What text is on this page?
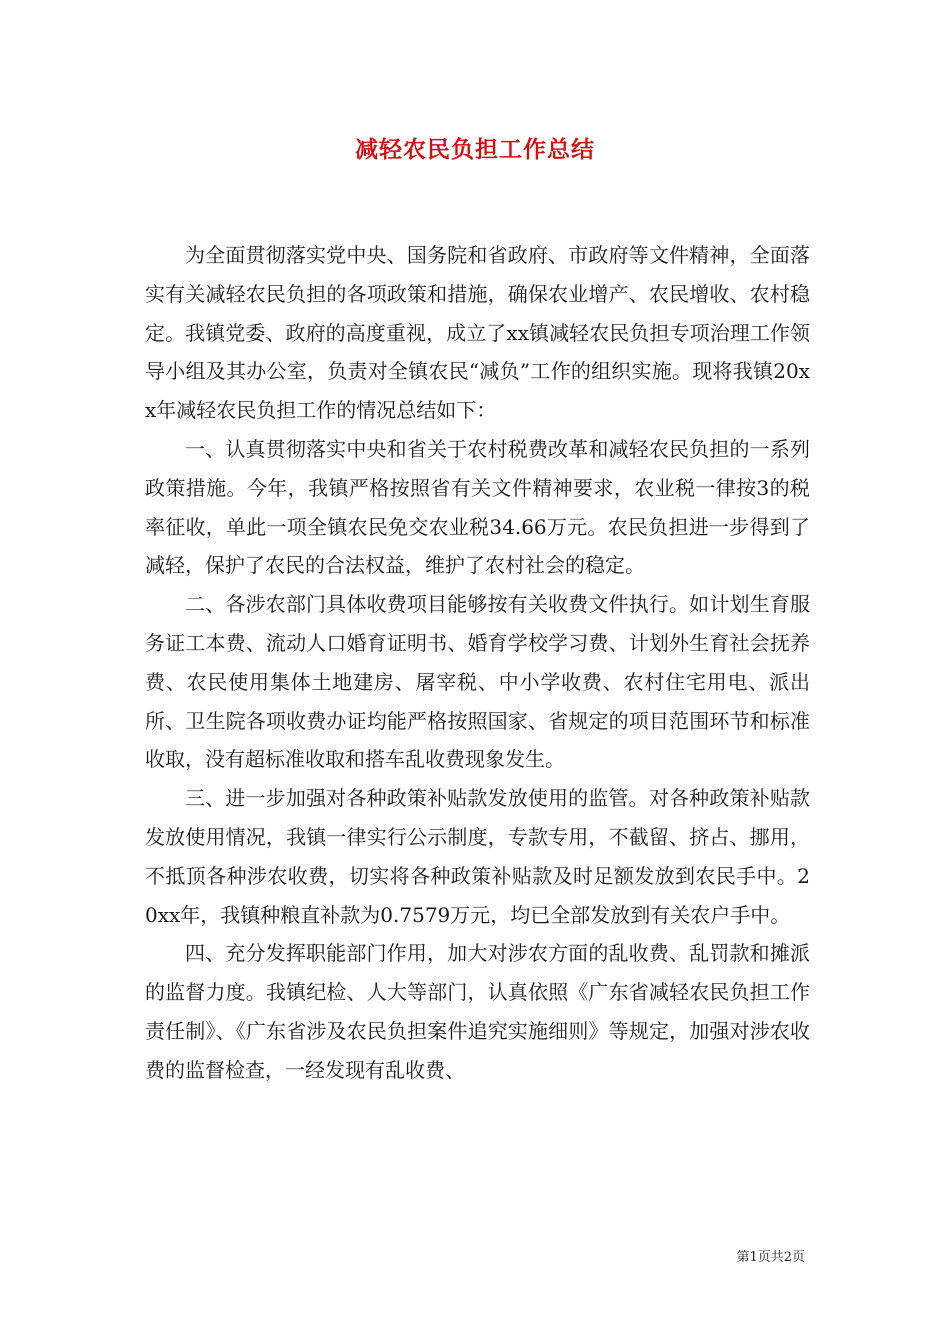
减轻农民负担工作总结

为全面贯彻落实党中央、国务院和省政府、市政府等文件精神，全面落实有关减轻农民负担的各项政策和措施，确保农业增产、农民增收、农村稳定。我镇党委、政府的高度重视，成立了xx镇减轻农民负担专项治理工作领导小组及其办公室，负责对全镇农民“减负”工作的组织实施。现将我镇20xx年减轻农民负担工作的情况总结如下：

一、认真贯彻落实中央和省关于农村税费改革和减轻农民负担的一系列政策措施。今年，我镇严格按照省有关文件精神要求，农业税一律按3的税率征收，单此一项全镇农民免交农业税34.66万元。农民负担进一步得到了减轻，保护了农民的合法权益，维护了农村社会的稳定。

二、各涉农部门具体收费项目能够按有关收费文件执行。如计划生育服务证工本费、流动人口婚育证明书、婚育学校学习费、计划外生育社会抚养费、农民使用集体土地建房、屠宰税、中小学收费、农村住宅用电、派出所、卫生院各项收费办证均能严格按照国家、省规定的项目范围环节和标准收取，没有超标准收取和搭车乱收费现象发生。

三、进一步加强对各种政策补贴款发放使用的监管。对各种政策补贴款发放使用情况，我镇一律实行公示制度，专款专用，不截留、挤占、挪用，不抵顶各种涉农收费，切实将各种政策补贴款及时足额发放到农民手中。20xx年，我镇种粮直补款为0.7579万元，均已全部发放到有关农户手中。

四、充分发挥职能部门作用，加大对涉农方面的乱收费、乱罚款和摊派的监督力度。我镇纪检、人大等部门，认真依照《广东省减轻农民负担工作责任制》、《广东省涉及农民负担案件追究实施细则》等规定，加强对涉农收费的监督检查，一经发现有乱收费、

第1页共2页
